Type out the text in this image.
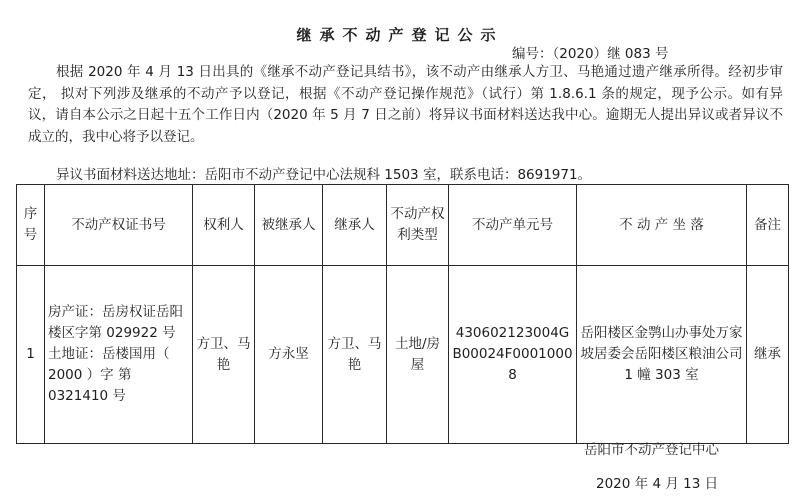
继承不动产登记公示
编号：（2020）继 083 号
根据 2020 年 4 月 13 日出具的《继承不动产登记具结书》，该不动产由继承人方卫、马艳通过遗产继承所得。经初步审定， 拟对下列涉及继承的不动产予以登记，根据《不动产登记操作规范》（试行）第 1.8.6.1 条的规定，现予公示。如有异议，请自本公示之日起十五个工作日内（2020 年 5 月 7 日之前）将异议书面材料送达我中心。逾期无人提出异议或者异议不成立的，我中心将予以登记。
异议书面材料送达地址：岳阳市不动产登记中心法规科 1503 室，联系电话：8691971。
序号	不动产权证书号	权利人	被继承人	继承人	不动产权利类型	不动产单元号	不 动 产 坐 落	备注
1	房产证：岳房权证岳阳楼区字第 029922 号
土地证：岳楼国用（ 2000 ）字 第 0321410 号	方卫、马艳	方永坚	方卫、马艳	土地/房屋	430602123004GB00024F00010008	岳阳楼区金鹗山办事处万家坡居委会岳阳楼区粮油公司 1 幢 303 室	继承
岳阳市不动产登记中心
2020 年 4 月 13 日
